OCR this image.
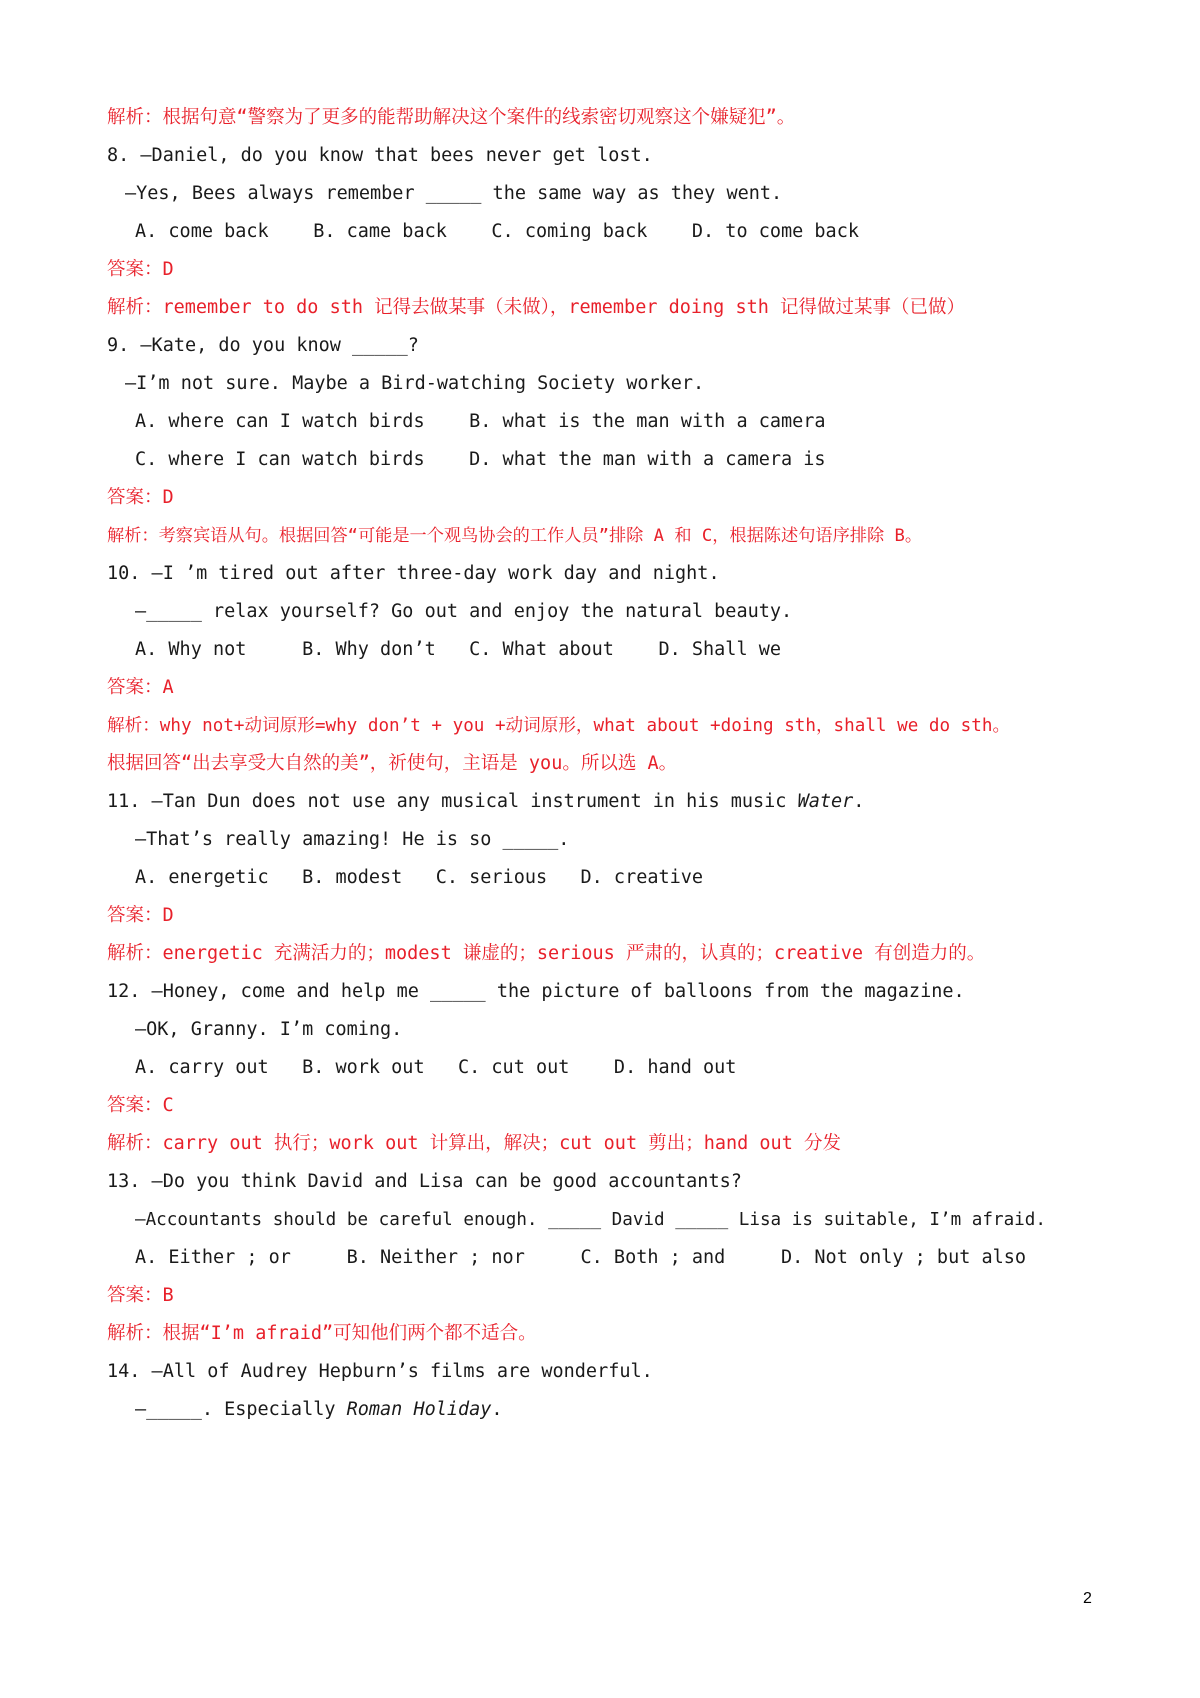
解析：根据句意“警察为了更多的能帮助解决这个案件的线索密切观察这个嫌疑犯”。
8. —Daniel, do you know that bees never get lost.
—Yes, Bees always remember _____ the same way as they went.
A. come back    B. came back    C. coming back    D. to come back
答案：D
解析：remember to do sth 记得去做某事（未做），remember doing sth 记得做过某事（已做）
9. —Kate, do you know _____?
—I’m not sure. Maybe a Bird-watching Society worker.
A. where can I watch birds    B. what is the man with a camera
C. where I can watch birds    D. what the man with a camera is
答案：D
解析：考察宾语从句。根据回答“可能是一个观鸟协会的工作人员”排除 A 和 C，根据陈述句语序排除 B。
10. —I ’m tired out after three-day work day and night.
—_____ relax yourself? Go out and enjoy the natural beauty.
A. Why not     B. Why don’t   C. What about    D. Shall we
答案：A
解析：why not+动词原形=why don’t + you +动词原形，what about +doing sth，shall we do sth。
根据回答“出去享受大自然的美”，祈使句，主语是 you。所以选 A。
11. —Tan Dun does not use any musical instrument in his music Water.
—That’s really amazing! He is so _____.
A. energetic   B. modest   C. serious   D. creative
答案：D
解析：energetic 充满活力的；modest 谦虚的；serious 严肃的，认真的；creative 有创造力的。
12. —Honey, come and help me _____ the picture of balloons from the magazine.
—OK, Granny. I’m coming.
A. carry out   B. work out   C. cut out    D. hand out
答案：C
解析：carry out 执行；work out 计算出，解决；cut out 剪出；hand out 分发
13. —Do you think David and Lisa can be good accountants?
—Accountants should be careful enough. _____ David _____ Lisa is suitable, I’m afraid.
A. Either ; or     B. Neither ; nor     C. Both ; and     D. Not only ; but also
答案：B
解析：根据“I’m afraid”可知他们两个都不适合。
14. —All of Audrey Hepburn’s films are wonderful.
—_____. Especially Roman Holiday.
2
